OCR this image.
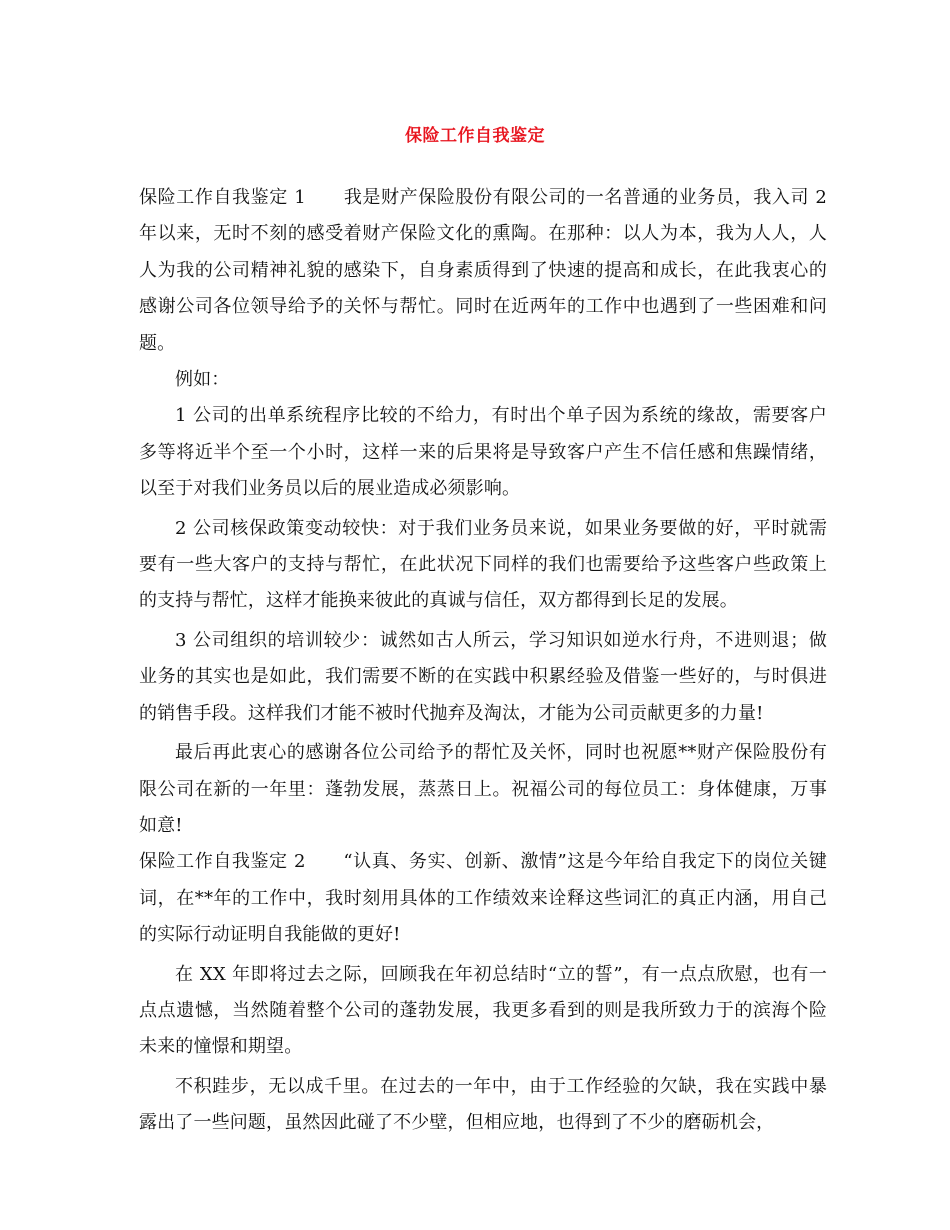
保险工作自我鉴定

保险工作自我鉴定 1 我是财产保险股份有限公司的一名普通的业务员，我入司 2 年以来，无时不刻的感受着财产保险文化的熏陶。在那种：以人为本，我为人人，人人为我的公司精神礼貌的感染下，自身素质得到了快速的提高和成长，在此我衷心的感谢公司各位领导给予的关怀与帮忙。同时在近两年的工作中也遇到了一些困难和问题。

例如：

1 公司的出单系统程序比较的不给力，有时出个单子因为系统的缘故，需要客户多等将近半个至一个小时，这样一来的后果将是导致客户产生不信任感和焦躁情绪，以至于对我们业务员以后的展业造成必须影响。

2 公司核保政策变动较快：对于我们业务员来说，如果业务要做的好，平时就需要有一些大客户的支持与帮忙，在此状况下同样的我们也需要给予这些客户些政策上的支持与帮忙，这样才能换来彼此的真诚与信任，双方都得到长足的发展。

3 公司组织的培训较少：诚然如古人所云，学习知识如逆水行舟，不进则退；做业务的其实也是如此，我们需要不断的在实践中积累经验及借鉴一些好的，与时俱进的销售手段。这样我们才能不被时代抛弃及淘汰，才能为公司贡献更多的力量!

最后再此衷心的感谢各位公司给予的帮忙及关怀，同时也祝愿**财产保险股份有限公司在新的一年里：蓬勃发展，蒸蒸日上。祝福公司的每位员工：身体健康，万事如意!

保险工作自我鉴定 2 “认真、务实、创新、激情”这是今年给自我定下的岗位关键词，在**年的工作中，我时刻用具体的工作绩效来诠释这些词汇的真正内涵，用自己的实际行动证明自我能做的更好!

在 XX 年即将过去之际，回顾我在年初总结时“立的誓”，有一点点欣慰，也有一点点遗憾，当然随着整个公司的蓬勃发展，我更多看到的则是我所致力于的滨海个险未来的憧憬和期望。

不积跬步，无以成千里。在过去的一年中，由于工作经验的欠缺，我在实践中暴露出了一些问题，虽然因此碰了不少壁，但相应地，也得到了不少的磨砺机会，
